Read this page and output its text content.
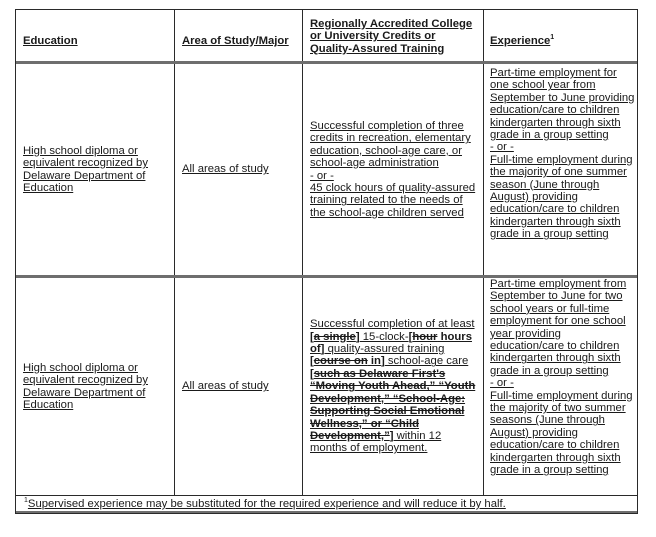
Education	Area of Study/Major
Regionally Accredited College or University Credits or Quality-Assured Training
Experience$^1$
High school diploma or equivalent recognized by Delaware Department of Education
All areas of study

Successful completion of three credits in recreation, elementary education, school-age care, or school-age administration

- or -

45 clock hours of quality-assured training related to the needs of the school-age children served

Part-time employment for one school year from September to June providing education/care to children kindergarten through sixth grade in a group setting

- or -

Full-time employment during the majority of one summer season (June through August) providing education/care to children kindergarten through sixth grade in a group setting

High school diploma or equivalent recognized by Delaware Department of Education
All areas of study

Successful completion of at least [a single] 15-clock-[hour hours of] quality-assured training [course on in] school-age care [such as Delaware First's “Moving Youth Ahead,” “Youth Development,” “School-Age: Supporting Social Emotional Wellness,” or “Child Development,”] within 12 months of employment.

Part-time employment from September to June for two school years or full-time employment for one school year providing education/care to children kindergarten through sixth grade in a group setting

- or -

Full-time employment during the majority of two summer seasons (June through August) providing education/care to children kindergarten through sixth grade in a group setting

$^1$Supervised experience may be substituted for the required experience and will reduce it by half.
